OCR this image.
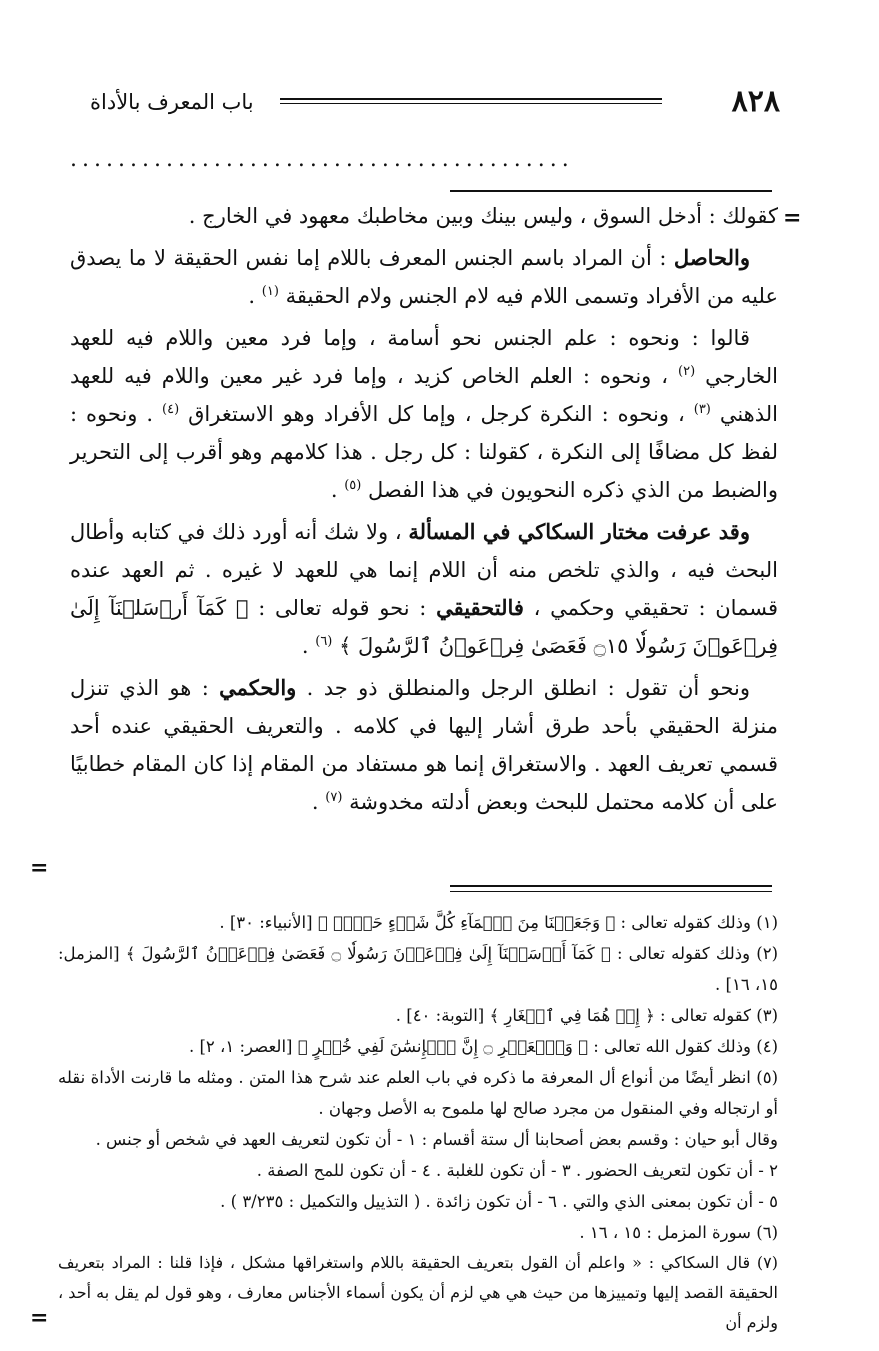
٨٢٨
باب المعرف بالأداة
..........................................
=
=
=

كقولك : أدخل السوق ، وليس بينك وبين مخاطبك معهود في الخارج .

والحاصل : أن المراد باسم الجنس المعرف باللام إما نفس الحقيقة لا ما يصدق عليه من الأفراد وتسمى اللام فيه لام الجنس ولام الحقيقة $^{(١)}$ .

قالوا : ونحوه : علم الجنس نحو أسامة ، وإما فرد معين واللام فيه للعهد الخارجي $^{(٢)}$ ، ونحوه : العلم الخاص كزيد ، وإما فرد غير معين واللام فيه للعهد الذهني $^{(٣)}$ ، ونحوه : النكرة كرجل ، وإما كل الأفراد وهو الاستغراق $^{(٤)}$ . ونحوه : لفظ كل مضافًا إلى النكرة ، كقولنا : كل رجل . هذا كلامهم وهو أقرب إلى التحرير والضبط من الذي ذكره النحويون في هذا الفصل $^{(٥)}$ .

وقد عرفت مختار السكاكي في المسألة ، ولا شك أنه أورد ذلك في كتابه وأطال البحث فيه ، والذي تلخص منه أن اللام إنما هي للعهد لا غيره . ثم العهد عنده قسمان : تحقيقي وحكمي ، فالتحقيقي : نحو قوله تعالى : ﴿ كَمَآ أَرۡسَلۡنَآ إِلَىٰ فِرۡعَوۡنَ رَسُولٗا ۝١٥ فَعَصَىٰ فِرۡعَوۡنُ ٱلرَّسُولَ ﴾ $^{(٦)}$ .

ونحو أن تقول : انطلق الرجل والمنطلق ذو جد . والحكمي : هو الذي تنزل منزلة الحقيقي بأحد طرق أشار إليها في كلامه . والتعريف الحقيقي عنده أحد قسمي تعريف العهد . والاستغراق إنما هو مستفاد من المقام إذا كان المقام خطابيًا على أن كلامه محتمل للبحث وبعض أدلته مخدوشة $^{(٧)}$ .

(١) وذلك كقوله تعالى : ﴿ وَجَعَلۡنَا مِنَ ٱلۡمَآءِ كُلَّ شَيۡءٍ حَيٍّۚ ﴾ [الأنبياء: ٣٠] .

(٢) وذلك كقوله تعالى : ﴿ كَمَآ أَرۡسَلۡنَآ إِلَىٰ فِرۡعَوۡنَ رَسُولٗا ۝ فَعَصَىٰ فِرۡعَوۡنُ ٱلرَّسُولَ ﴾ [المزمل: ١٥، ١٦] .

(٣) كقوله تعالى : ﴿ إِذۡ هُمَا فِي ٱلۡغَارِ ﴾ [التوبة: ٤٠] .

(٤) وذلك كقول الله تعالى : ﴿ وَٱلۡعَصۡرِ ۝ إِنَّ ٱلۡإِنسَٰنَ لَفِي خُسۡرٍ ﴾ [العصر: ١، ٢] .

(٥) انظر أيضًا من أنواع أل المعرفة ما ذكره في باب العلم عند شرح هذا المتن . ومثله ما قارنت الأداة نقله أو ارتجاله وفي المنقول من مجرد صالح لها ملموح به الأصل وجهان .

وقال أبو حيان : وقسم بعض أصحابنا أل ستة أقسام : ١ - أن تكون لتعريف العهد في شخص أو جنس .

٢ - أن تكون لتعريف الحضور . ٣ - أن تكون للغلبة . ٤ - أن تكون للمح الصفة .

٥ - أن تكون بمعنى الذي والتي . ٦ - أن تكون زائدة . ( التذييل والتكميل : ٣/٢٣٥ ) .

(٦) سورة المزمل : ١٥ ، ١٦ .

(٧) قال السكاكي : « واعلم أن القول بتعريف الحقيقة باللام واستغراقها مشكل ، فإذا قلنا : المراد بتعريف الحقيقة القصد إليها وتمييزها من حيث هي هي لزم أن يكون أسماء الأجناس معارف ، وهو قول لم يقل به أحد ، ولزم أن
